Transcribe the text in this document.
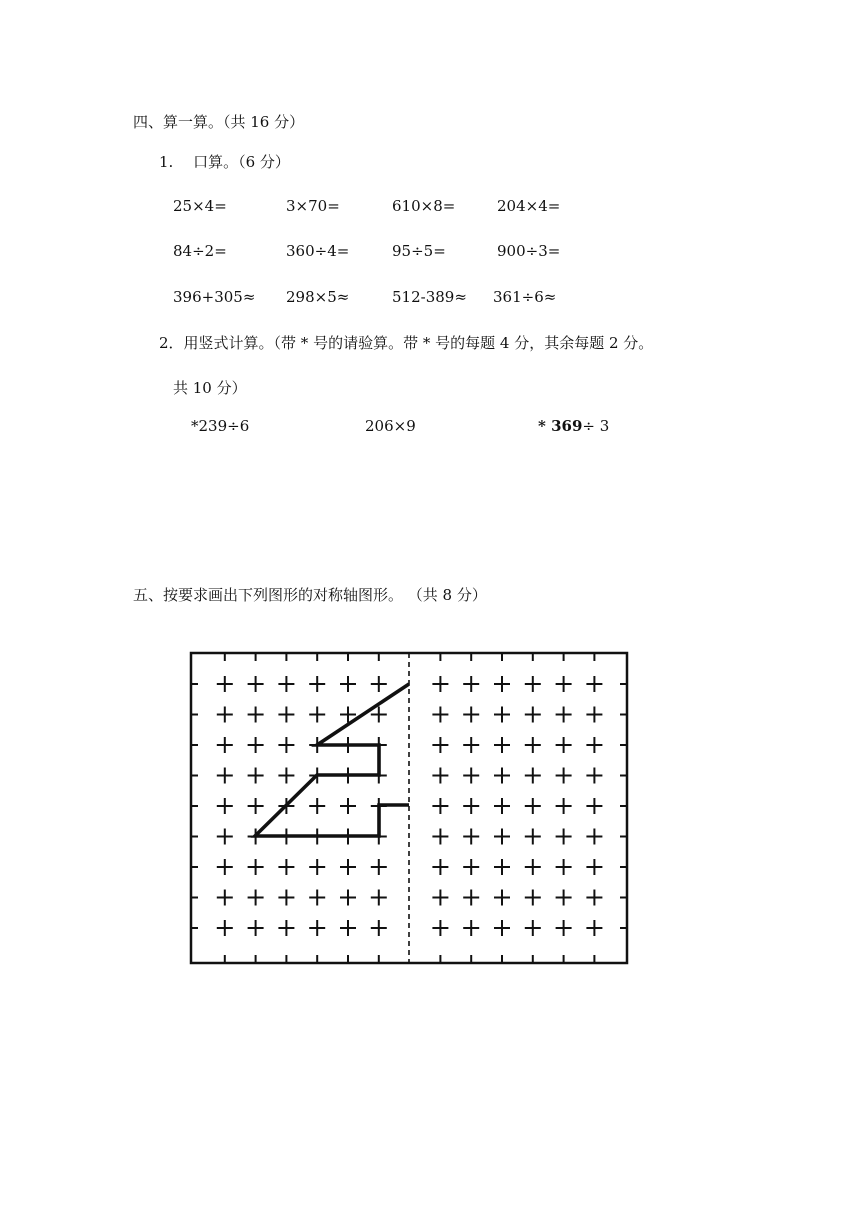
四、算一算。（共 16 分）
1.　 口算。（6 分）
25×4=	3×70=	610×8=	204×4=
84÷2=	360÷4=	95÷5=	900÷3=
396+305≈ 298×5≈	512-389≈ 361÷6≈
2．用竖式计算。（带 * 号的请验算。带 * 号的每题 4 分，其余每题 2 分。
共 10 分）
*239÷6	206×9	* 369÷ 3
五、按要求画出下列图形的对称轴图形。 （共 8 分）
